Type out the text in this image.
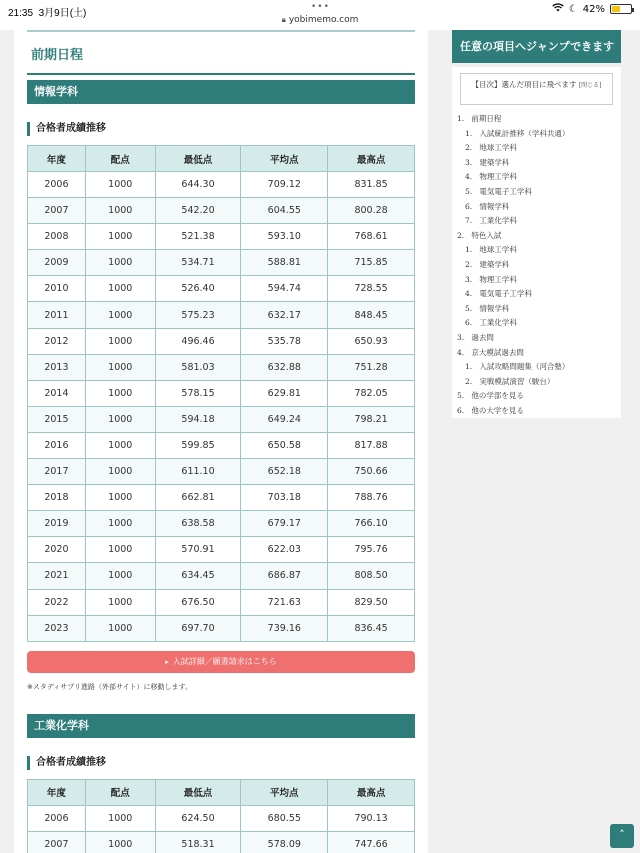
21:35 3月9日(土)
•••
🔒︎ yobimemo.com
☾ 42%
前期日程
情報学科
合格者成績推移
年度	配点	最低点	平均点	最高点
2006	1000	644.30	709.12	831.85
2007	1000	542.20	604.55	800.28
2008	1000	521.38	593.10	768.61
2009	1000	534.71	588.81	715.85
2010	1000	526.40	594.74	728.55
2011	1000	575.23	632.17	848.45
2012	1000	496.46	535.78	650.93
2013	1000	581.03	632.88	751.28
2014	1000	578.15	629.81	782.05
2015	1000	594.18	649.24	798.21
2016	1000	599.85	650.58	817.88
2017	1000	611.10	652.18	750.66
2018	1000	662.81	703.18	788.76
2019	1000	638.58	679.17	766.10
2020	1000	570.91	622.03	795.76
2021	1000	634.45	686.87	808.50
2022	1000	676.50	721.63	829.50
2023	1000	697.70	739.16	836.45
▸ 入試詳細／願書請求はこちら
※スタディサプリ進路（外部サイト）に移動します。
工業化学科
合格者成績推移
年度	配点	最低点	平均点	最高点
2006	1000	624.50	680.55	790.13
2007	1000	518.31	578.09	747.66
任意の項目へジャンプできます
【目次】選んだ項目に飛べます [閉じる]
1. 前期日程
1. 入試統計推移（学科共通）
2. 地球工学科
3. 建築学科
4. 物理工学科
5. 電気電子工学科
6. 情報学科
7. 工業化学科
2. 特色入試
1. 地球工学科
2. 建築学科
3. 物理工学科
4. 電気電子工学科
5. 情報学科
6. 工業化学科
3. 過去問
4. 京大模試過去問
1. 入試攻略問題集（河合塾）
2. 実戦模試演習（駿台）
5. 他の学部を見る
6. 他の大学を見る
˄
